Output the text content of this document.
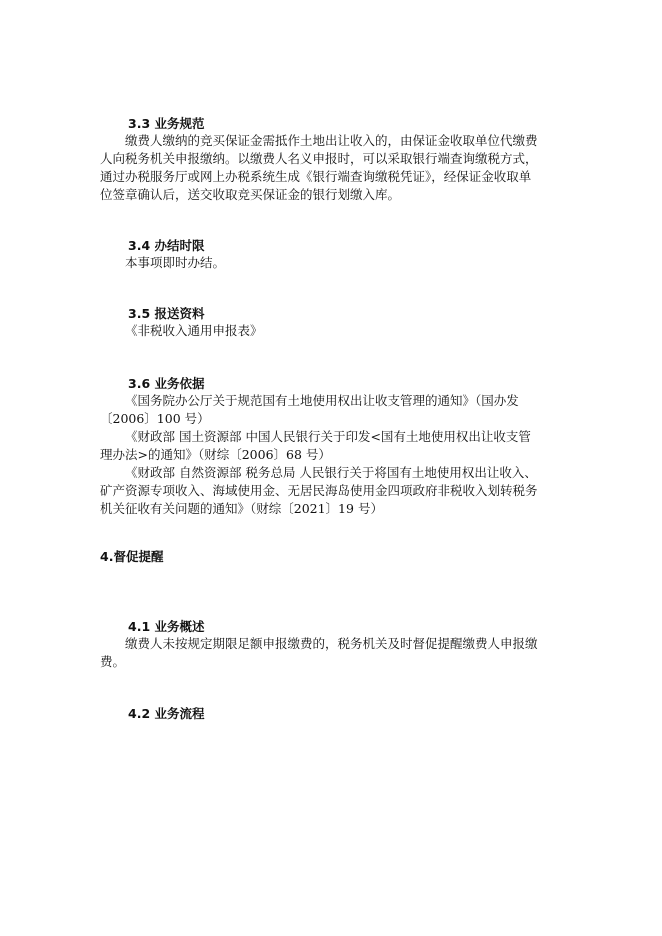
3.3 业务规范
缴费人缴纳的竞买保证金需抵作土地出让收入的，由保证金收取单位代缴费
人向税务机关申报缴纳。以缴费人名义申报时，可以采取银行端查询缴税方式，
通过办税服务厅或网上办税系统生成《银行端查询缴税凭证》，经保证金收取单
位签章确认后，送交收取竞买保证金的银行划缴入库。
3.4 办结时限
本事项即时办结。
3.5 报送资料
《非税收入通用申报表》
3.6 业务依据
《国务院办公厅关于规范国有土地使用权出让收支管理的通知》（国办发
〔2006〕100 号）
《财政部 国土资源部 中国人民银行关于印发<国有土地使用权出让收支管
理办法>的通知》（财综〔2006〕68 号）
《财政部 自然资源部 税务总局 人民银行关于将国有土地使用权出让收入、
矿产资源专项收入、海域使用金、无居民海岛使用金四项政府非税收入划转税务
机关征收有关问题的通知》（财综〔2021〕19 号）
4.督促提醒
4.1 业务概述
缴费人未按规定期限足额申报缴费的，税务机关及时督促提醒缴费人申报缴
费。
4.2 业务流程
